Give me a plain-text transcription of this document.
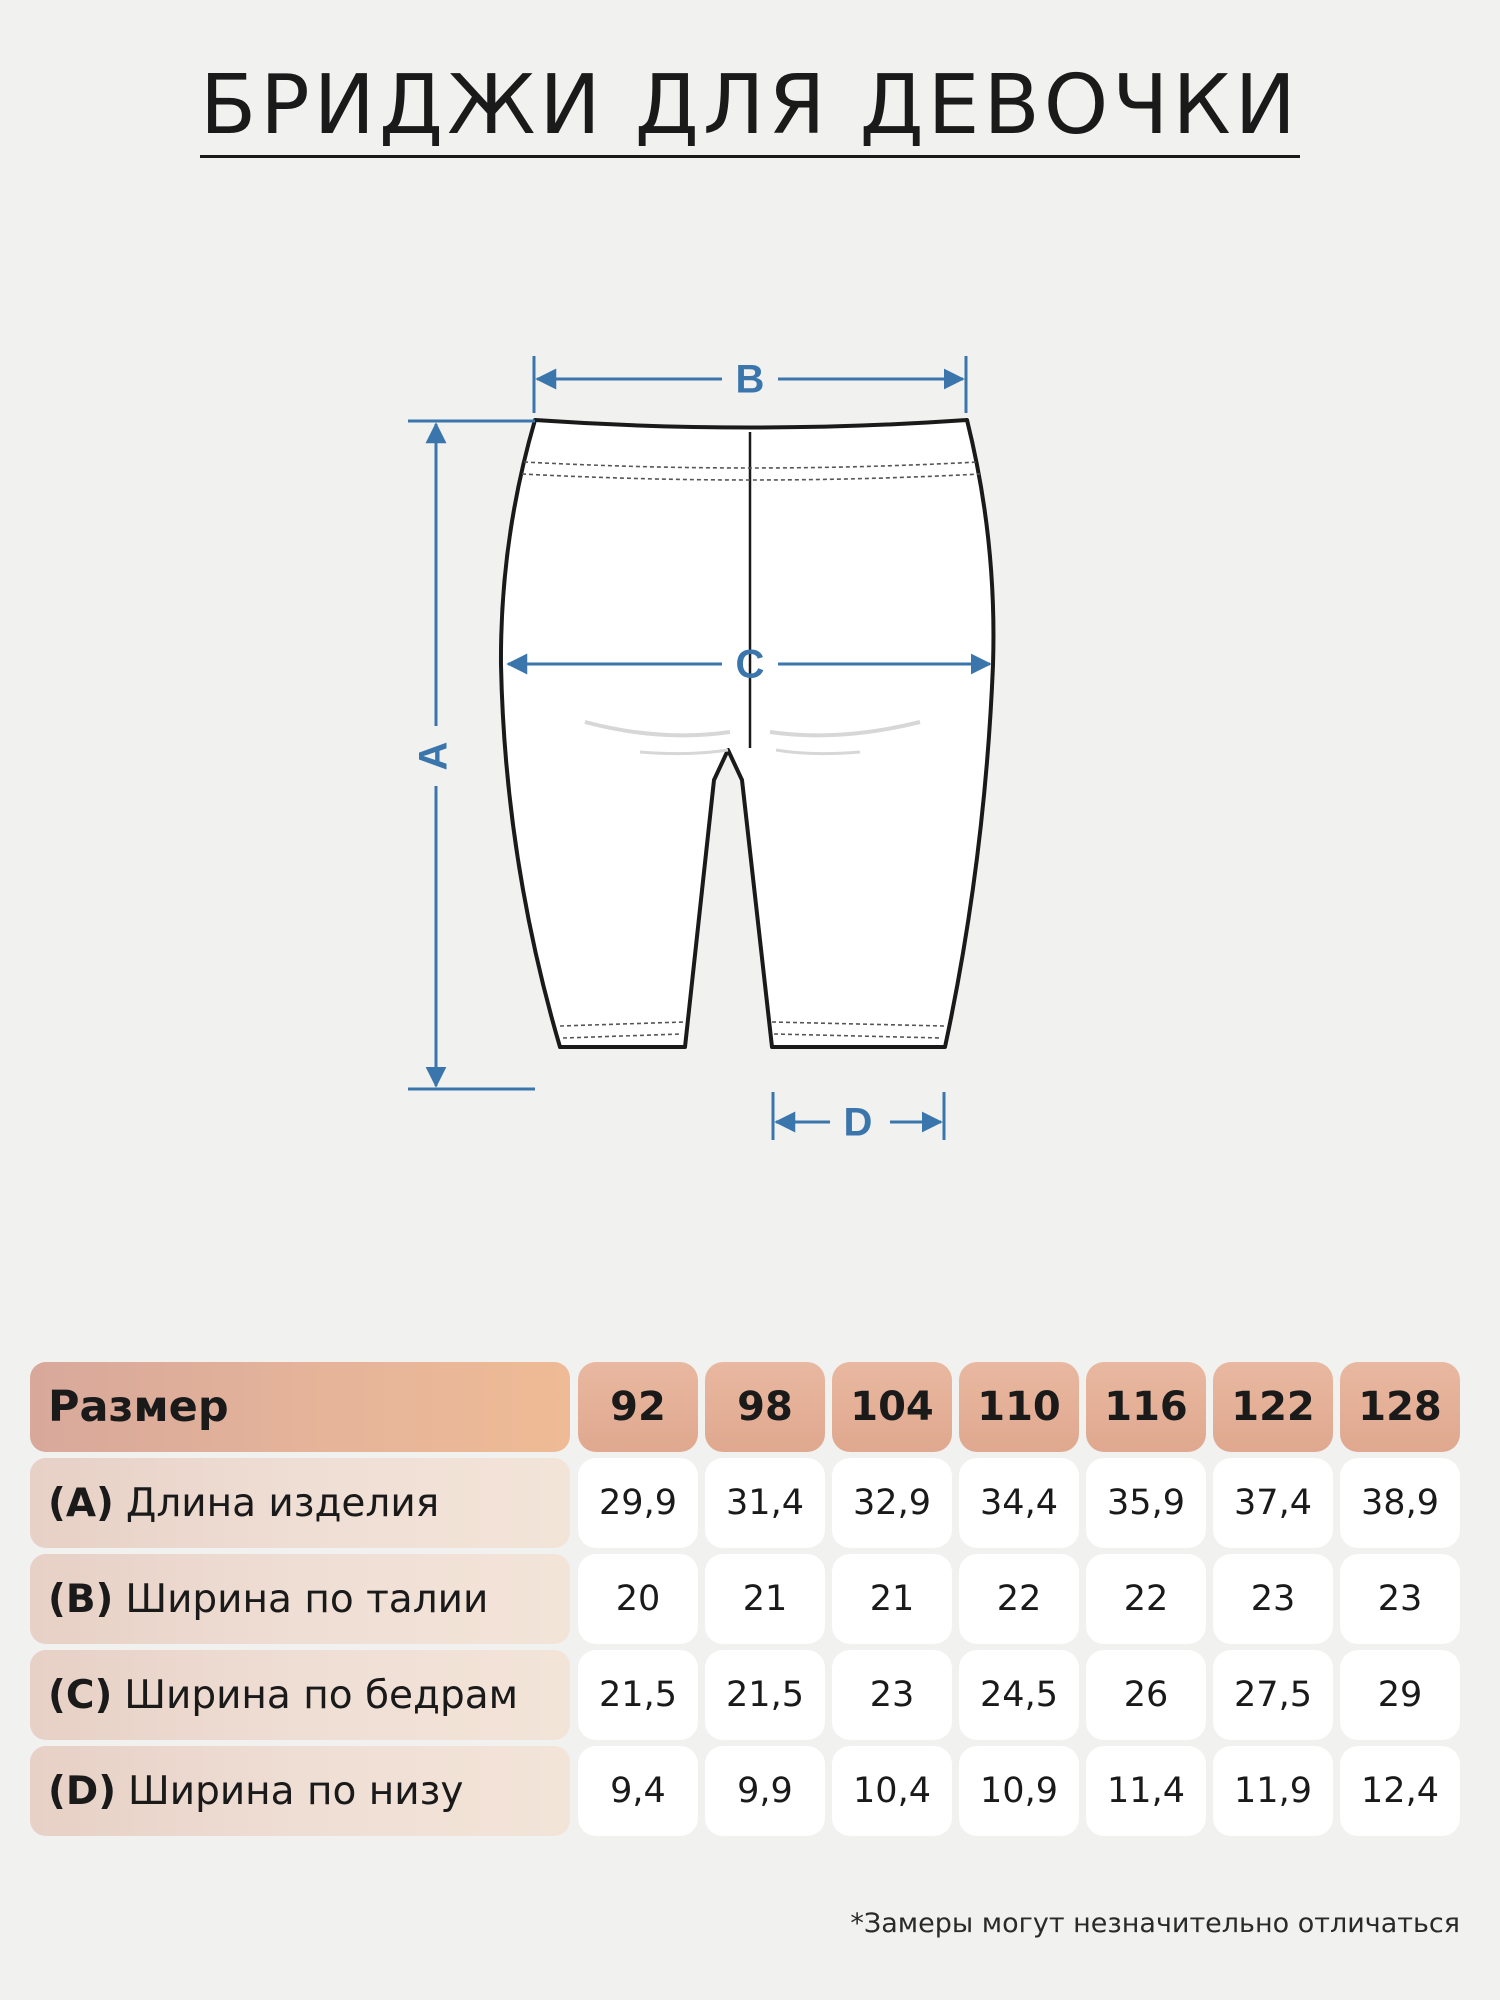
БРИДЖИ ДЛЯ ДЕВОЧКИ
A
B
C
D
Размер	92	98	104	110	116	122	128
(A) Длина изделия	29,9	31,4	32,9	34,4	35,9	37,4	38,9
(B) Ширина по талии	20	21	21	22	22	23	23
(C) Ширина по бедрам	21,5	21,5	23	24,5	26	27,5	29
(D) Ширина по низу	9,4	9,9	10,4	10,9	11,4	11,9	12,4
*Замеры могут незначительно отличаться
